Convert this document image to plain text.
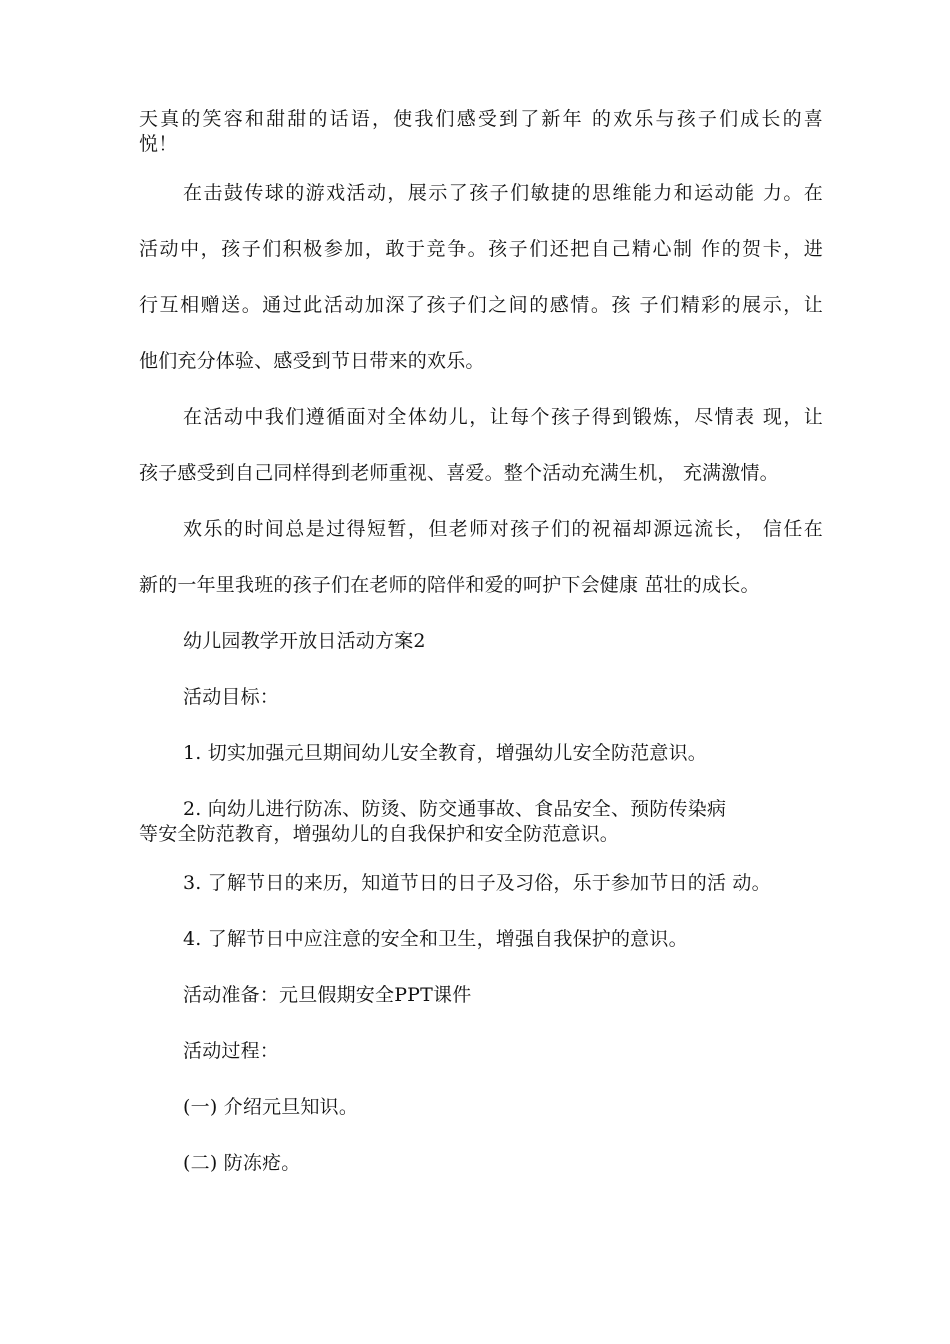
天真的笑容和甜甜的话语，使我们感受到了新年 的欢乐与孩子们成长的喜
悦！
在击鼓传球的游戏活动，展示了孩子们敏捷的思维能力和运动能 力。在
活动中，孩子们积极参加，敢于竞争。孩子们还把自己精心制 作的贺卡，进
行互相赠送。通过此活动加深了孩子们之间的感情。孩 子们精彩的展示，让
他们充分体验、感受到节日带来的欢乐。
在活动中我们遵循面对全体幼儿，让每个孩子得到锻炼，尽情表 现，让
孩子感受到自己同样得到老师重视、喜爱。整个活动充满生机， 充满激情。
欢乐的时间总是过得短暂，但老师对孩子们的祝福却源远流长， 信任在
新的一年里我班的孩子们在老师的陪伴和爱的呵护下会健康 茁壮的成长。
幼儿园教学开放日活动方案2
活动目标：
1. 切实加强元旦期间幼儿安全教育，增强幼儿安全防范意识。
2. 向幼儿进行防冻、防烫、防交通事故、食品安全、预防传染病
等安全防范教育，增强幼儿的自我保护和安全防范意识。
3. 了解节日的来历，知道节日的日子及习俗，乐于参加节日的活 动。
4. 了解节日中应注意的安全和卫生，增强自我保护的意识。
活动准备：元旦假期安全PPT课件
活动过程：
(一) 介绍元旦知识。
(二) 防冻疮。
